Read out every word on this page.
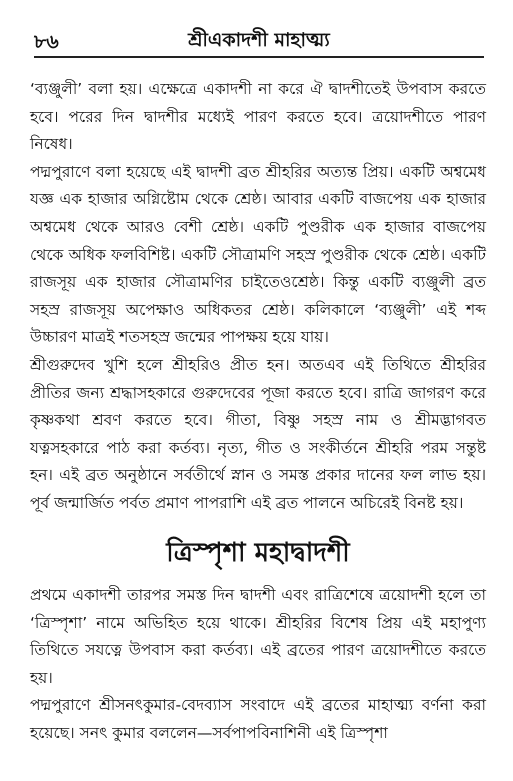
৮৬	শ্রীএকাদশী মাহাত্ম্য

‘ব্যঞ্জুলী’ বলা হয়। এক্ষেত্রে একাদশী না করে ঐ দ্বাদশীতেই উপবাস করতে হবে। পরের দিন দ্বাদশীর মধ্যেই পারণ করতে হবে। ত্রয়োদশীতে পারণ নিষেধ।

পদ্মপুরাণে বলা হয়েছে এই দ্বাদশী ব্রত শ্রীহরির অত্যন্ত প্রিয়। একটি অশ্বমেধ যজ্ঞ এক হাজার অগ্নিষ্টোম থেকে শ্রেষ্ঠ। আবার একটি বাজপেয় এক হাজার অশ্বমেধ থেকে আরও বেশী শ্রেষ্ঠ। একটি পুণ্ডরীক এক হাজার বাজপেয় থেকে অধিক ফলবিশিষ্ট। একটি সৌত্রামণি সহস্র পুণ্ডরীক থেকে শ্রেষ্ঠ। একটি রাজসূয় এক হাজার সৌত্রামণির চাইতেওশ্রেষ্ঠ। কিন্তু একটি ব্যঞ্জুলী ব্রত সহস্র রাজসূয় অপেক্ষাও অধিকতর শ্রেষ্ঠ। কলিকালে ‘ব্যঞ্জুলী’ এই শব্দ উচ্চারণ মাত্রই শতসহস্র জন্মের পাপক্ষয় হয়ে যায়।

শ্রীগুরুদেব খুশি হলে শ্রীহরিও প্রীত হন। অতএব এই তিথিতে শ্রীহরির প্রীতির জন্য শ্রদ্ধাসহকারে গুরুদেবের পূজা করতে হবে। রাত্রি জাগরণ করে কৃষ্ণকথা শ্রবণ করতে হবে। গীতা, বিষ্ণু সহস্র নাম ও শ্রীমদ্ভাগবত যত্নসহকারে পাঠ করা কর্তব্য। নৃত্য, গীত ও সংকীর্তনে শ্রীহরি পরম সন্তুষ্ট হন। এই ব্রত অনুষ্ঠানে সর্বতীর্থে স্নান ও সমস্ত প্রকার দানের ফল লাভ হয়। পূর্ব জন্মার্জিত পর্বত প্রমাণ পাপরাশি এই ব্রত পালনে অচিরেই বিনষ্ট হয়।

ত্রিস্পৃশা মহাদ্বাদশী

প্রথমে একাদশী তারপর সমস্ত দিন দ্বাদশী এবং রাত্রিশেষে ত্রয়োদশী হলে তা ‘ত্রিস্পৃশা’ নামে অভিহিত হয়ে থাকে। শ্রীহরির বিশেষ প্রিয় এই মহাপুণ্য তিথিতে সযত্নে উপবাস করা কর্তব্য। এই ব্রতের পারণ ত্রয়োদশীতে করতে হয়।

পদ্মপুরাণে শ্রীসনৎকুমার-বেদব্যাস সংবাদে এই ব্রতের মাহাত্ম্য বর্ণনা করা হয়েছে। সনৎ কুমার বললেন—সর্বপাপবিনাশিনী এই ত্রিস্পৃশা
